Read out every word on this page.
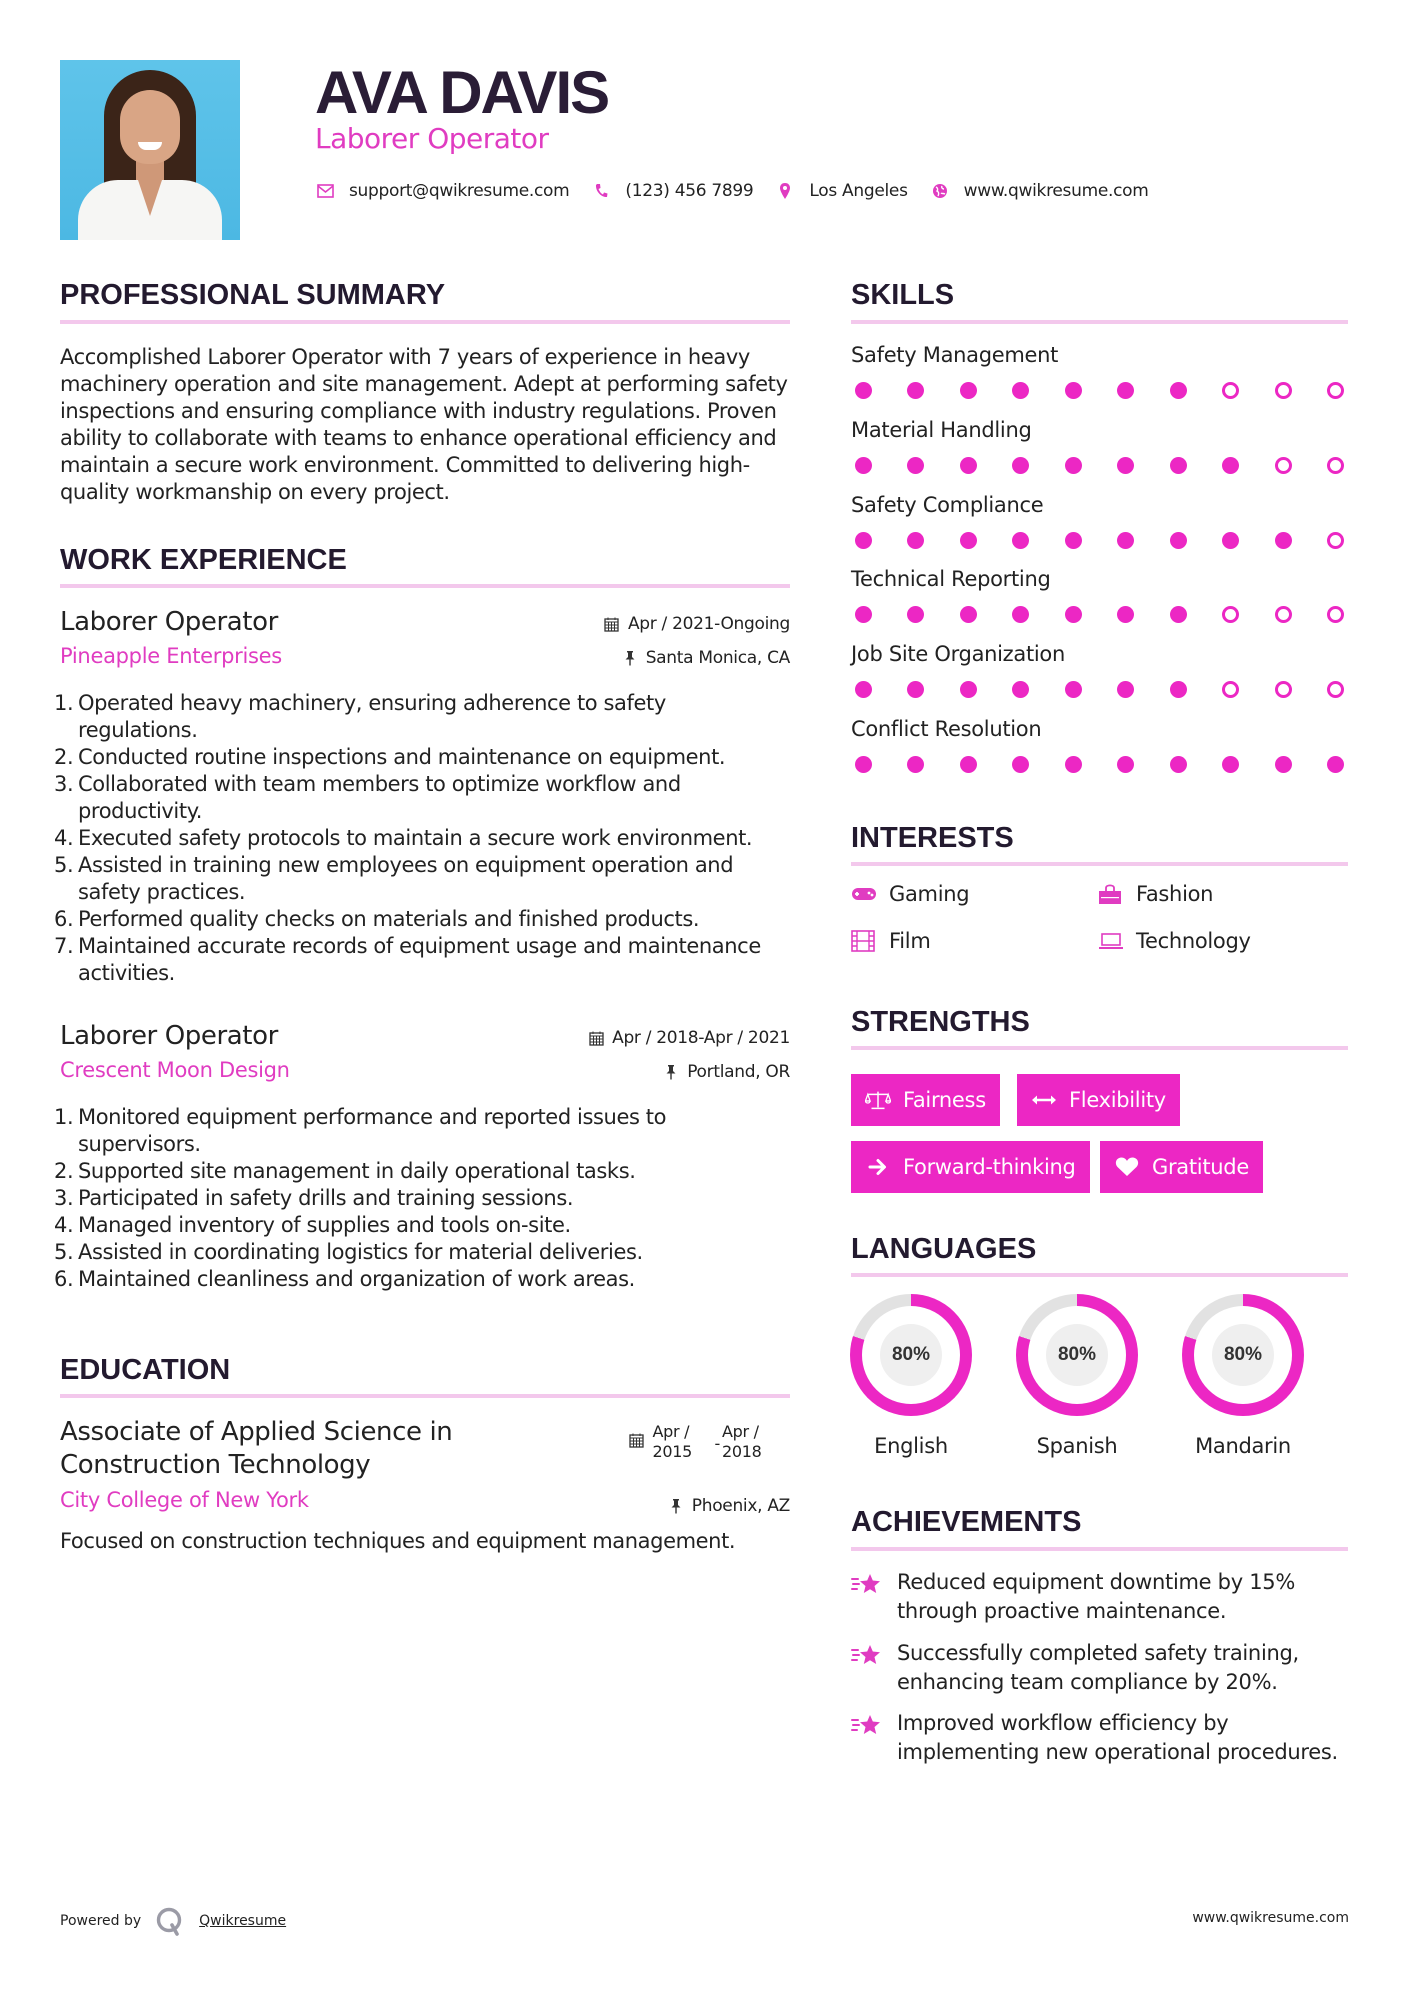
AVA DAVIS
Laborer Operator
support@qwikresume.com	(123) 456 7899	Los Angeles	www.qwikresume.com
PROFESSIONAL SUMMARY
Accomplished Laborer Operator with 7 years of experience in heavy machinery operation and site management. Adept at performing safety inspections and ensuring compliance with industry regulations. Proven ability to collaborate with teams to enhance operational efficiency and maintain a secure work environment. Committed to delivering high-quality workmanship on every project.
WORK EXPERIENCE
Laborer Operator
Pineapple Enterprises
Apr / 2021-Ongoing
Santa Monica, CA
1. Operated heavy machinery, ensuring adherence to safety regulations.
2. Conducted routine inspections and maintenance on equipment.
3. Collaborated with team members to optimize workflow and productivity.
4. Executed safety protocols to maintain a secure work environment.
5. Assisted in training new employees on equipment operation and safety practices.
6. Performed quality checks on materials and finished products.
7. Maintained accurate records of equipment usage and maintenance activities.
Laborer Operator
Crescent Moon Design
Apr / 2018-Apr / 2021
Portland, OR
1. Monitored equipment performance and reported issues to supervisors.
2. Supported site management in daily operational tasks.
3. Participated in safety drills and training sessions.
4. Managed inventory of supplies and tools on-site.
5. Assisted in coordinating logistics for material deliveries.
6. Maintained cleanliness and organization of work areas.
EDUCATION
Associate of Applied Science in Construction Technology
City College of New York
Apr / 2015	-
Apr / 2018
Phoenix, AZ
Focused on construction techniques and equipment management.
SKILLS
Safety Management
Material Handling
Safety Compliance
Technical Reporting
Job Site Organization
Conflict Resolution
INTERESTS
Gaming	Fashion
Film	Technology
STRENGTHS
Fairness	Flexibility
Forward-thinking	Gratitude
LANGUAGES
80%
English
80%
Spanish
80%
Mandarin
ACHIEVEMENTS
Reduced equipment downtime by 15% through proactive maintenance.
Successfully completed safety training, enhancing team compliance by 20%.
Improved workflow efficiency by implementing new operational procedures.
Powered by	Qwikresume	www.qwikresume.com
